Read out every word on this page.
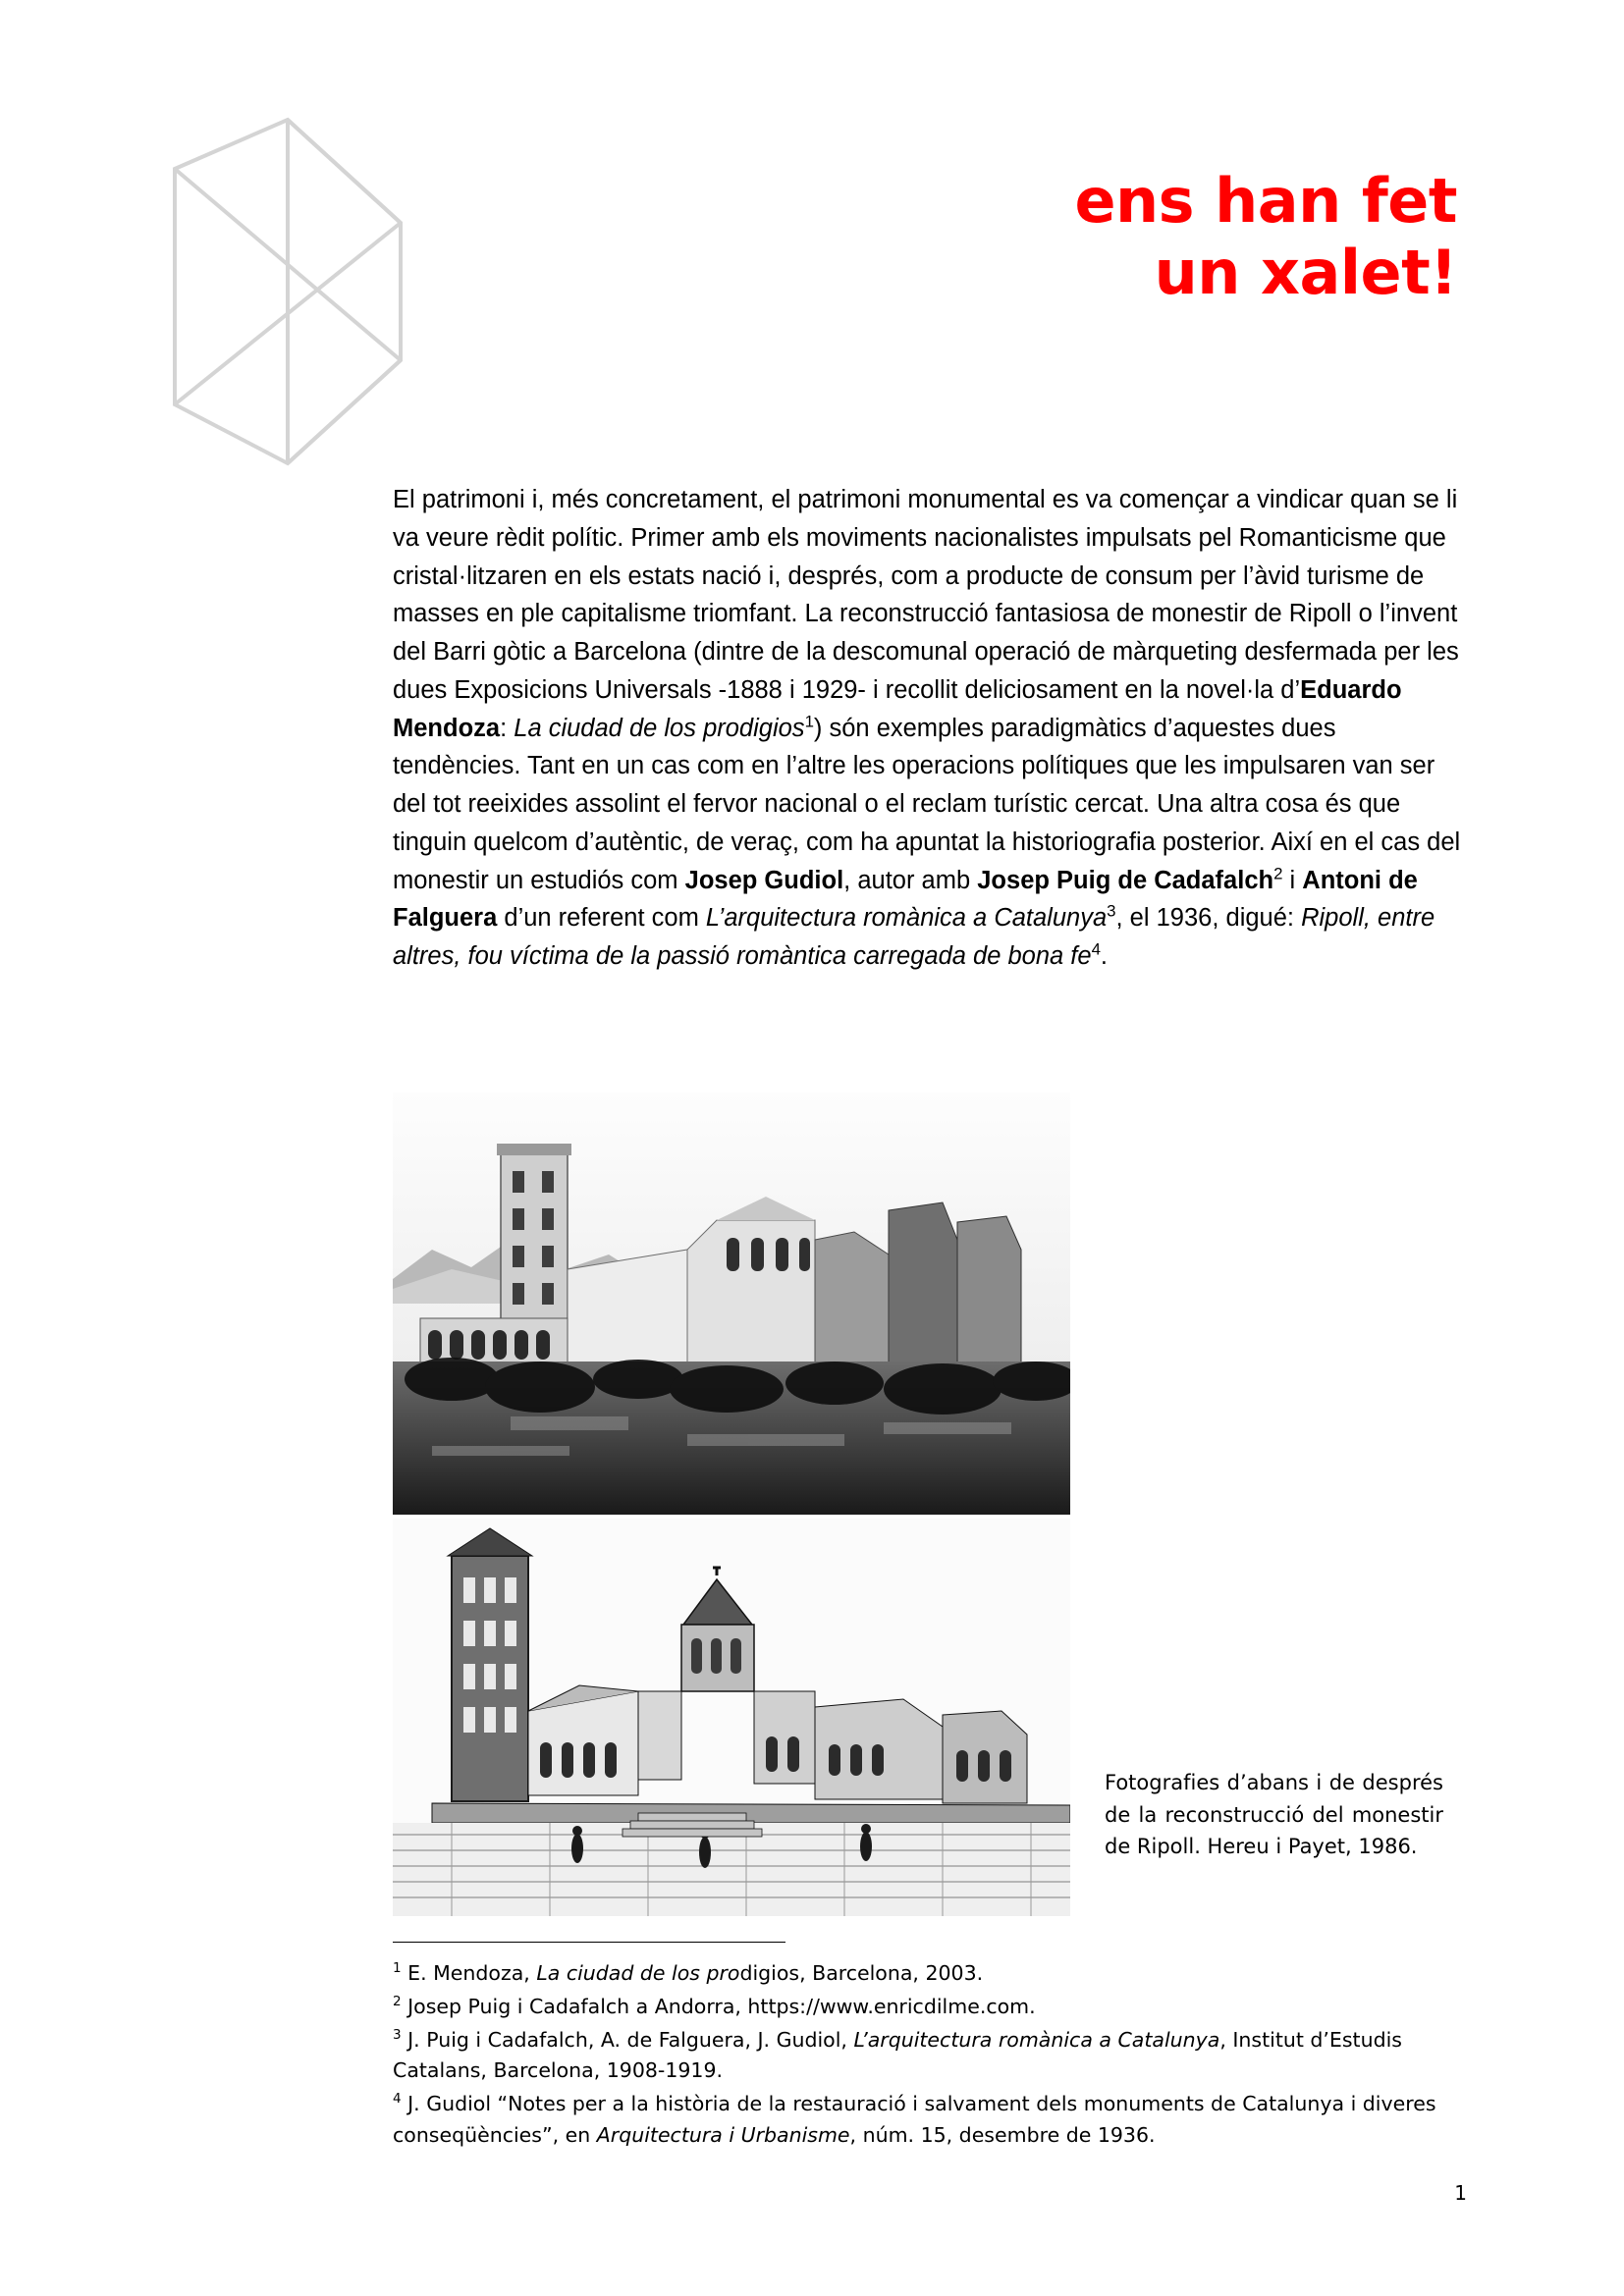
ens han fet
un xalet!
El patrimoni i, més concretament, el patrimoni monumental es va començar a vindicar quan se li va veure rèdit polític. Primer amb els moviments nacionalistes impulsats pel Romanticisme que cristal·litzaren en els estats nació i, després, com a producte de consum per l’àvid turisme de masses en ple capitalisme triomfant. La reconstrucció fantasiosa de monestir de Ripoll o l’invent del Barri gòtic a Barcelona (dintre de la descomunal operació de màrqueting desfermada per les dues Exposicions Universals -1888 i 1929- i recollit deliciosament en la novel·la d’Eduardo Mendoza: La ciudad de los prodigios$^1$) són exemples paradigmàtics d’aquestes dues tendències. Tant en un cas com en l’altre les operacions polítiques que les impulsaren van ser del tot reeixides assolint el fervor nacional o el reclam turístic cercat. Una altra cosa és que tinguin quelcom d’autèntic, de veraç, com ha apuntat la historiografia posterior. Així en el cas del monestir un estudiós com Josep Gudiol, autor amb Josep Puig de Cadafalch$^2$ i Antoni de Falguera d’un referent com L’arquitectura romànica a Catalunya$^3$, el 1936, digué: Ripoll, entre altres, fou víctima de la passió romàntica carregada de bona $fe^4$.
Fotografies d’abans i de després de la reconstrucció del monestir de Ripoll. Hereu i Payet, 1986.

$^1$ E. Mendoza, La ciudad de los prodigios, Barcelona, 2003.

$^2$ Josep Puig i Cadafalch a Andorra, https://www.enricdilme.com.

$^3$ J. Puig i Cadafalch, A. de Falguera, J. Gudiol, L’arquitectura romànica a Catalunya, Institut d’Estudis Catalans, Barcelona, 1908-1919.

$^4$ J. Gudiol “Notes per a la història de la restauració i salvament dels monuments de Catalunya i diveres conseqüències”, en Arquitectura i Urbanisme, núm. 15, desembre de 1936.

1
